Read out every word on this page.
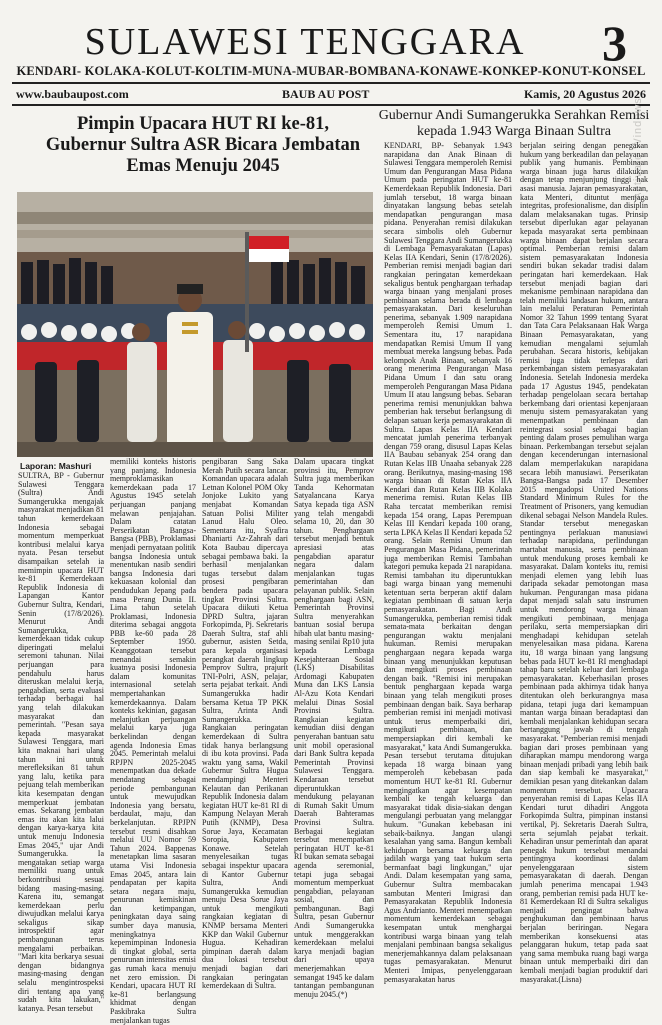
SULAWESI TENGGARA	3
KENDARI- KOLAKA-KOLUT-KOLTIM-MUNA-MUBAR-BOMBANA-KONAWE-KONKEP-KONUT-KONSEL
www.baubaupost.com	BAUB AU POST	Kamis, 20 Agustus 2026
Activate Windows
Pimpin Upacara HUT RI ke-81, Gubernur Sultra ASR Bicara Jembatan Emas Menuju 2045
Gubernur Andi Sumangerukka Serahkan Remisi kepada 1.943 Warga Binaan Sultra
Laporan: Mashuri

SULTRA, BP - Gubernur Sulawesi Tenggara (Sultra) Andi Sumangerukka mengajak masyarakat menjadikan 81 tahun kemerdekaan Indonesia sebagai momentum memperkuat kontribusi melalui karya nyata. Pesan tersebut disampaikan setelah ia memimpin upacara HUT ke-81 Kemerdekaan Republik Indonesia di Lapangan Kantor Gubernur Sultra, Kendari, Senin (17/8/2026). Menurut Andi Sumangerukka, kemerdekaan tidak cukup diperingati melalui seremoni tahunan. Nilai perjuangan para pendahulu harus diteruskan melalui kerja, pengabdian, serta evaluasi terhadap berbagai hal yang telah dilakukan masyarakat dan pemerintah. "Pesan saya kepada masyarakat Sulawesi Tenggara, mari kita maknai hari ulang tahun ini untuk merefleksikan 81 tahun yang lalu, ketika para pejuang telah memberikan kita kesempatan dengan memperkuat jembatan emas. Sekarang jembatan emas itu akan kita lalui dengan karya-karya kita untuk menuju Indonesia Emas 2045," ujar Andi Sumangerukka. Ia mengatakan setiap warga memiliki ruang untuk berkontribusi sesuai bidang masing-masing. Karena itu, semangat kemerdekaan perlu diwujudkan melalui karya sekaligus sikap introspektif agar pembangunan terus mengalami perbaikan. "Mari kita berkarya sesuai dengan bidangnya masing-masing dengan selalu mengintrospeksi diri tentang apa yang sudah kita lakukan," katanya. Pesan tersebut

memiliki konteks historis yang panjang. Indonesia memproklamasikan kemerdekaan pada 17 Agustus 1945 setelah perjuangan panjang melawan penjajahan. Dalam catatan Perserikatan Bangsa-Bangsa (PBB), Proklamasi menjadi pernyataan politik bangsa Indonesia untuk menentukan nasib sendiri bangsa Indonesia dari kekuasaan kolonial dan pendudukan Jepang pada masa Perang Dunia II. Lima tahun setelah Proklamasi, Indonesia diterima sebagai anggota PBB ke-60 pada 28 September 1950. Keanggotaan tersebut menandai semakin kuatnya posisi Indonesia dalam komunitas internasional setelah mempertahankan kemerdekaannya. Dalam konteks kekinian, gagasan melanjutkan perjuangan melalui karya juga berkelindan dengan agenda Indonesia Emas 2045. Pemerintah melalui RPJPN 2025-2045 menempatkan dua dekade mendatang sebagai periode pembangunan untuk mewujudkan Indonesia yang bersatu, berdaulat, maju, dan berkelanjutan. RPJPN tersebut resmi disahkan melalui UU Nomor 59 Tahun 2024. Bappenas menetapkan lima sasaran utama Visi Indonesia Emas 2045, antara lain pendapatan per kapita setara negara maju, penurunan kemiskinan dan ketimpangan, peningkatan daya saing sumber daya manusia, meningkatnya kepemimpinan Indonesia di tingkat global, serta penurunan intensitas emisi gas rumah kaca menuju net zero emission. Di Kendari, upacara HUT RI ke-81 berlangsung khidmat dengan Paskibraka Sultra menjalankan tugas

pengibaran Sang Saka Merah Putih secara lancar. Komandan upacara adalah Letnan Kolonel POM Oky Jonjoke Lukito yang menjabat Komandan Satuan Polisi Militer Lanud Halu Oleo. Sementara itu, Syafira Dhaniarti Az-Zahrah dari Kota Baubau dipercaya sebagai pembawa baki. Ia berhasil menjalankan tugas tersebut dalam prosesi pengibaran bendera pada upacara tingkat Provinsi Sultra. Upacara diikuti Ketua DPRD Sultra, jajaran Forkopimda, Pj. Sekretaris Daerah Sultra, staf ahli gubernur, asisten Setda, para kepala organisasi perangkat daerah lingkup Pemprov Sultra, prajurit TNI-Polri, ASN, pelajar, serta pejabat terkait. Andi Sumangerukka hadir bersama Ketua TP PKK Sultra, Arinta Andi Sumangerukka. Rangkaian peringatan kemerdekaan di Sultra tidak hanya berlangsung di ibu kota provinsi. Pada waktu yang sama, Wakil Gubernur Sultra Hugua mendampingi Menteri Kelautan dan Perikanan Republik Indonesia dalam kegiatan HUT ke-81 RI di Kampung Nelayan Merah Putih (KNMP), Desa Sorue Jaya, Kecamatan Soropia, Kabupaten Konawe. Setelah menyelesaikan tugas sebagai inspektur upacara di Kantor Gubernur Sultra, Andi Sumangerukka kemudian menuju Desa Sorue Jaya untuk mengikuti rangkaian kegiatan di KNMP bersama Menteri KKP dan Wakil Gubernur Hugua. Kehadiran pimpinan daerah dalam dua lokasi tersebut menjadi bagian dari rangkaian peringatan kemerdekaan di Sultra.

Dalam upacara tingkat provinsi itu, Pemprov Sultra juga memberikan Tanda Kehormatan Satyalancana Karya Satya kepada tiga ASN yang telah mengabdi selama 10, 20, dan 30 tahun. Penghargaan tersebut menjadi bentuk apresiasi atas pengabdian aparatur negara dalam menjalankan tugas pemerintahan dan pelayanan publik. Selain penghargaan bagi ASN, Pemerintah Provinsi Sultra menyerahkan bantuan sosial berupa hibah ulat bantu masing-masing senilai Rp10 juta kepada Lembaga Kesejahteraan Sosial (LKS) Disabilitas Ardomagi Kabupaten Muna dan LKS Lansia Al-Azu Kota Kendari melalui Dinas Sosial Provinsi Sultra. Rangkaian kegiatan kemudian diisi dengan penyerahan bantuan satu unit mobil operasional dari Bank Sultra kepada Pemerintah Provinsi Sulawesi Tenggara. Kendaraan tersebut diperuntukkan mendukung pelayanan di Rumah Sakit Umum Daerah Bahteramas Provinsi Sultra. Berbagai kegiatan tersebut menempatkan peringatan HUT ke-81 RI bukan semata sebagai agenda seremonial, tetapi juga sebagai momentum memperkuat pengabdian, pelayanan sosial, dan pembangunan. Bagi Sultra, pesan Gubernur Andi Sumangerukka untuk menggerakkan kemerdekaan melalui karya menjadi bagian dari upaya menerjemahkan semangat 1945 ke dalam tantangan pembangunan menuju 2045.(*)

KENDARI, BP- Sebanyak 1.943 narapidana dan Anak Binaan di Sulawesi Tenggara memperoleh Remisi Umum dan Pengurangan Masa Pidana Umum pada peringatan HUT ke-81 Kemerdekaan Republik Indonesia. Dari jumlah tersebut, 18 warga binaan dinyatakan langsung bebas setelah mendapatkan pengurangan masa pidana. Penyerahan remisi dilakukan secara simbolis oleh Gubernur Sulawesi Tenggara Andi Sumangerukka di Lembaga Pemasyarakatan (Lapas) Kelas IIA Kendari, Senin (17/8/2026). Pemberian remisi menjadi bagian dari rangkaian peringatan kemerdekaan sekaligus bentuk penghargaan terhadap warga binaan yang menjalani proses pembinaan selama berada di lembaga pemasyarakatan. Dari keseluruhan penerima, sebanyak 1.909 narapidana memperoleh Remisi Umum 1. Sementara itu, 17 narapidana mendapatkan Remisi Umum II yang membuat mereka langsung bebas. Pada kelompok Anak Binaan, sebanyak 16 orang menerima Pengurangan Masa Pidana Umum I dan satu orang memperoleh Pengurangan Masa Pidana Umum II atau langsung bebas. Sebaran penerima remisi menunjukkan bahwa pemberian hak tersebut berlangsung di delapan satuan kerja pemasyarakatan di Sultra. Lapas Kelas IIA Kendari mencatat jumlah penerima terbanyak dengan 759 orang, disusul Lapas Kelas IIA Baubau sebanyak 254 orang dan Rutan Kelas IIB Unaaha sebanyak 228 orang. Berikutnya, masing-masing 198 warga binaan di Rutan Kelas IIA Kendari dan Rutan Kelas IIB Kolaka menerima remisi. Rutan Kelas IIB Raha tercatat memberikan remisi kepada 154 orang, Lapas Perempuan Kelas III Kendari kepada 100 orang, serta LPKA Kelas II Kendari kepada 52 orang. Selain Remisi Umum dan Pengurangan Masa Pidana, pemerintah juga memberikan Remisi Tambahan kategori pemuka kepada 21 narapidana. Remisi tambahan itu diperuntukkan bagi warga binaan yang memenuhi ketentuan serta berperan aktif dalam kegiatan pembinaan di satuan kerja pemasyarakatan. Bagi Andi Sumangerukka, pemberian remisi tidak semata-mata berkaitan dengan pengurangan waktu menjalani hukuman. Remisi merupakan penghargaan negara kepada warga binaan yang menunjukkan keputusan dan mengikuti proses pembinaan dengan baik. "Remisi ini merupakan bentuk penghargaan kepada warga binaan yang telah mengikuti proses pembinaan dengan baik. Saya berharap pemberian remisi ini menjadi motivasi untuk terus memperbaiki diri, mengikuti pembinaan, dan mempersiapkan diri kembali ke masyarakat," kata Andi Sumangerukka. Pesan tersebut terutama ditujukan kepada 18 warga binaan yang memperoleh kebebasan pada momentum HUT ke-81 RI. Gubernur mengingatkan agar kesempatan kembali ke tengah keluarga dan masyarakat tidak disia-siakan dengan mengulangi perbuatan yang melanggar hukum. "Gunakan kebebasan ini sebaik-baiknya. Jangan ulangi kesalahan yang sama. Bangun kembali kehidupan bersama keluarga dan jadilah warga yang taat hukum serta bermanfaat bagi lingkungan," ujar Andi. Dalam kesempatan yang sama, Gubernur Sultra membacakan sambutan Menteri Imigrasi dan Pemasyarakatan Republik Indonesia Agus Andrianto. Menteri menempatkan momentum kemerdekaan sebagai kesempatan untuk menghargai kontribusi warga binaan yang telah menjalani pembinaan bangsa sekaligus menerjemahkannya dalam pelaksanaan tugas pemasyarakatan. Menurut Menteri Imipas, penyelenggaraan pemasyarakatan harus

berjalan seiring dengan penegakan hukum yang berkeadilan dan pelayanan publik yang humanis. Pembinaan warga binaan juga harus dilakukan dengan tetap menjunjung tinggi hak asasi manusia. Jajaran pemasyarakatan, kata Menteri, dituntut menjaga integritas, profesionalisme, dan disiplin dalam melaksanakan tugas. Prinsip tersebut diperlukan agar pelayanan kepada masyarakat serta pembinaan warga binaan dapat berjalan secara optimal. Pemberian remisi dalam sistem pemasyarakatan Indonesia sendiri bukan sekadar tradisi dalam peringatan hari kemerdekaan. Hak tersebut menjadi bagian dari mekanisme pembinaan narapidana dan telah memiliki landasan hukum, antara lain melalui Peraturan Pemerintah Nomor 32 Tahun 1999 tentang Syarat dan Tata Cara Pelaksanaan Hak Warga Binaan Pemasyarakatan, yang kemudian mengalami sejumlah perubahan. Secara historis, kebijakan remisi juga tidak terlepas dari perkembangan sistem pemasyarakatan Indonesia. Setelah Indonesia merdeka pada 17 Agustus 1945, pendekatan terhadap pengelolaan secara bertahap berkembang dari orientasi kepenjaraan menuju sistem pemasyarakatan yang menempatkan pembinaan dan reintegrasi sosial sebagai bagian penting dalam proses pemulihan warga binaan. Perkembangan tersebut sejalan dengan kecenderungan internasional dalam memperlakukan narapidana secara lebih manusiawi. Perserikatan Bangsa-Bangsa pada 17 Desember 2015 mengadopsi United Nations Standard Minimum Rules for the Treatment of Prisoners, yang kemudian dikenal sebagai Nelson Mandela Rules. Standar tersebut menegaskan pentingnya perlakuan manusiawi terhadap narapidana, perlindungan martabat manusia, serta pembinaan untuk mendukung proses kembali ke masyarakat. Dalam konteks itu, remisi menjadi elemen yang lebih luas daripada sekadar pemotongan masa hukuman. Pengurangan masa pidana dapat menjadi salah satu instrumen untuk mendorong warga binaan mengikuti pembinaan, menjaga perilaku, serta mempersiapkan diri menghadapi kehidupan setelah menyelesaikan masa pidana. Karena itu, 18 warga binaan yang langsung bebas pada HUT ke-81 RI menghadapi tahap baru setelah keluar dari lembaga pemasyarakatan. Keberhasilan proses pembinaan pada akhirnya tidak hanya ditentukan oleh berkurangnya masa pidana, tetapi juga dari kemampuan mantan warga binaan beradaptasi dan kembali menjalankan kehidupan secara bertanggung jawab di tengah masyarakat. "Pemberian remisi menjadi bagian dari proses pembinaan yang diharapkan mampu mendorong warga binaan menjadi pribadi yang lebih baik dan siap kembali ke masyarakat," demikian pesan yang ditekankan dalam momentum tersebut. Upacara penyerahan remisi di Lapas Kelas IIA Kendari turut dihadiri Anggota Forkopimda Sultra, pimpinan instansi vertikal, Pj. Sekretaris Daerah Sultra, serta sejumlah pejabat terkait. Kehadiran unsur pemerintah dan aparat penegak hukum tersebut menandai pentingnya koordinasi dalam penyelenggaraan sistem pemasyarakatan di daerah. Dengan jumlah penerima mencapai 1.943 orang, pemberian remisi pada HUT ke-81 Kemerdekaan RI di Sultra sekaligus menjadi pengingat bahwa penghukuman dan pembinaan harus berjalan beriringan. Negara memberikan konsekuensi atas pelanggaran hukum, tetap pada saat yang sama membuka ruang bagi warga binaan untuk memperbaiki diri dan kembali menjadi bagian produktif dari masyarakat.(Lisna)
